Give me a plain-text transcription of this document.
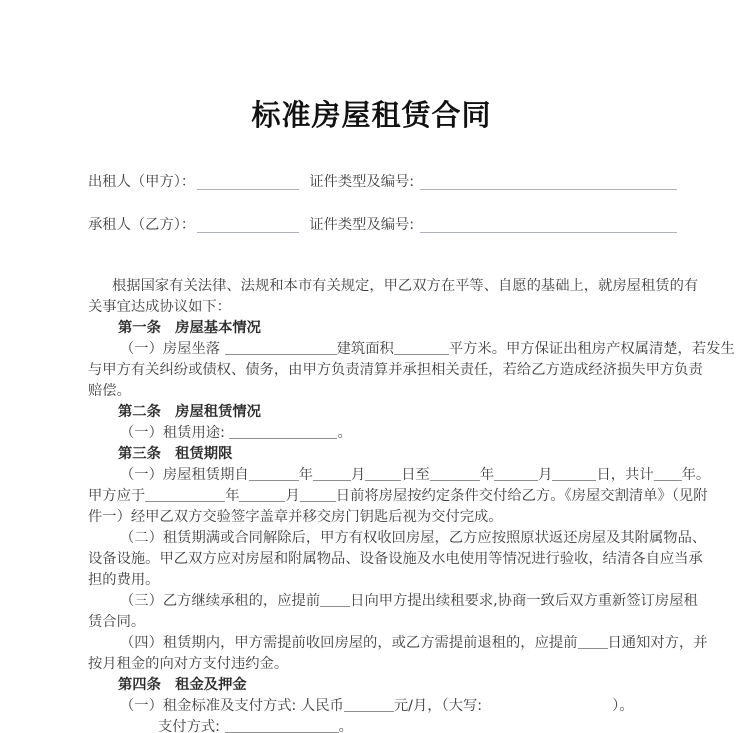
标准房屋租赁合同
出租人（甲方）：	证件类型及编号:
承租人（乙方）：	证件类型及编号:
根据国家有关法律、法规和本市有关规定，甲乙双方在平等、自愿的基础上，就房屋租赁的有
关事宜达成协议如下：
第一条　房屋基本情况
（一）房屋坐落	建筑面积	平方米。甲方保证出租房产权属清楚，若发生
与甲方有关纠纷或债权、债务，由甲方负责清算并承担相关责任，若给乙方造成经济损失甲方负责
赔偿。
第二条　房屋租赁情况
（一）租赁用途:	。
第三条　租赁期限
（一）房屋租赁期自	年	月	日至	年	月	日，共计 年。
甲方应于	年	月	日前将房屋按约定条件交付给乙方。《房屋交割清单》（见附
件一）经甲乙双方交验签字盖章并移交房门钥匙后视为交付完成。
（二）租赁期满或合同解除后，甲方有权收回房屋，乙方应按照原状返还房屋及其附属物品、
设备设施。甲乙双方应对房屋和附属物品、设备设施及水电使用等情况进行验收，结清各自应当承
担的费用。
（三）乙方继续承租的，应提前 日向甲方提出续租要求,协商一致后双方重新签订房屋租
赁合同。
（四）租赁期内，甲方需提前收回房屋的，或乙方需提前退租的，应提前 日通知对方，并
按月租金的向对方支付违约金。
第四条　租金及押金
（一）租金标准及支付方式: 人民币	元/月，（大写:	）。
支付方式:	。
